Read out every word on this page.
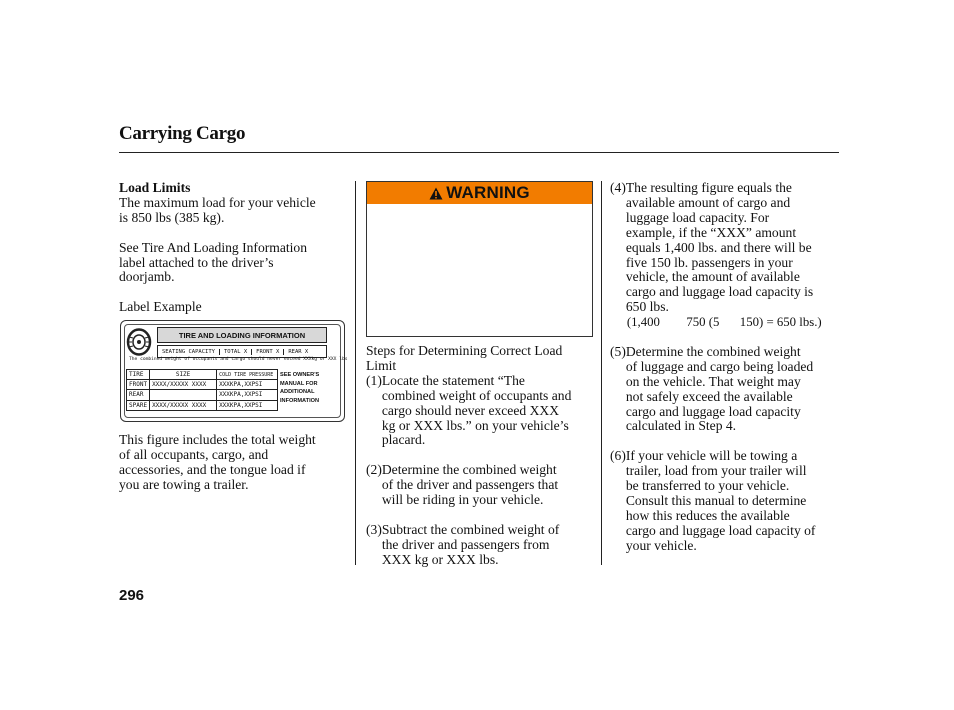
Carrying Cargo

Load Limits

The maximum load for your vehicle

is 850 lbs (385 kg).

See Tire And Loading Information

label attached to the driver’s

doorjamb.

Label Example

TIRE AND LOADING INFORMATION
SEATING CAPACITY	TOTAL X	FRONT X	REAR X
The combined weight of occupants and cargo should never exceed XXXkg or XXX lbs
TIRE	SIZE	COLD TIRE PRESSURE
FRONT	XXXX/XXXXX XXXX	XXXKPA,XXPSI
REAR		XXXKPA,XXPSI
SPARE	XXXX/XXXXX XXXX	XXXKPA,XXPSI
SEE OWNER'S
MANUAL FOR
ADDITIONAL
INFORMATION

This figure includes the total weight

of all occupants, cargo, and

accessories, and the tongue load if

you are towing a trailer.

WARNING

Steps for Determining Correct Load

Limit

(1) Locate the statement “The

combined weight of occupants and

cargo should never exceed XXX

kg or XXX lbs.” on your vehicle’s

placard.

(2) Determine the combined weight

of the driver and passengers that

will be riding in your vehicle.

(3) Subtract the combined weight of

the driver and passengers from

XXX kg or XXX lbs.

(4) The resulting figure equals the

available amount of cargo and

luggage load capacity. For

example, if the “XXX” amount

equals 1,400 lbs. and there will be

five 150 lb. passengers in your

vehicle, the amount of available

cargo and luggage load capacity is

650 lbs.

(1,400 750 (5 150) = 650 lbs.)

(5) Determine the combined weight

of luggage and cargo being loaded

on the vehicle. That weight may

not safely exceed the available

cargo and luggage load capacity

calculated in Step 4.

(6) If your vehicle will be towing a

trailer, load from your trailer will

be transferred to your vehicle.

Consult this manual to determine

how this reduces the available

cargo and luggage load capacity of

your vehicle.

296
